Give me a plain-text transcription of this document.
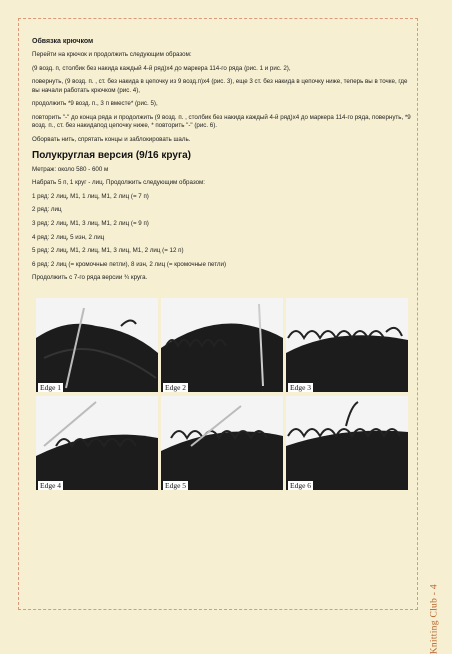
Обвязка крючком
Перейти на крючок и продолжить следующим образом:
(9 возд. п, столбик без накида каждый 4-й ряд)х4 до маркера 114-го ряда (рис. 1 и рис. 2),
повернуть, (9 возд. п. , ст. без накида в цепочку из 9 возд.п)х4 (рис. 3), еще 3 ст. без накида в цепочку ниже, теперь вы в точке, где вы начали работать крючком (рис. 4),
продолжить *9 возд. п., 3 п вместе* (рис. 5),
повторить "-" до конца ряда и продолжить (9 возд. п. , столбик без накида каждый 4-й ряд)х4 до маркера 114-го ряда, повернуть, *9 возд. п., ст. без накидапод цепочку ниже, * повторить "-" (рис. 6).
Оборвать нить, спрятать концы и заблокировать шаль.
Полукруглая версия (9/16 круга)
Метраж: около 580 - 600 м
Набрать 5 п, 1 круг - лиц. Продолжить следующим образом:
1 ряд: 2 лиц, M1, 1 лиц, M1, 2 лиц (= 7 п)
2 ряд: лиц
3 ряд: 2 лиц, M1, 3 лиц, M1, 2 лиц (= 9 п)
4 ряд: 2 лиц, 5 изн, 2 лиц
5 ряд: 2 лиц, M1, 2 лиц, M1, 3 лиц, M1, 2 лиц (= 12 п)
6 ряд: 2 лиц (= кромочные петли), 8 изн, 2 лиц (= кромочные петли)
Продолжить с 7-го ряда версии ¾ круга.
Edge 1	Edge 2	Edge 3
Edge 4	Edge 5	Edge 6
Knitting Club - 4
